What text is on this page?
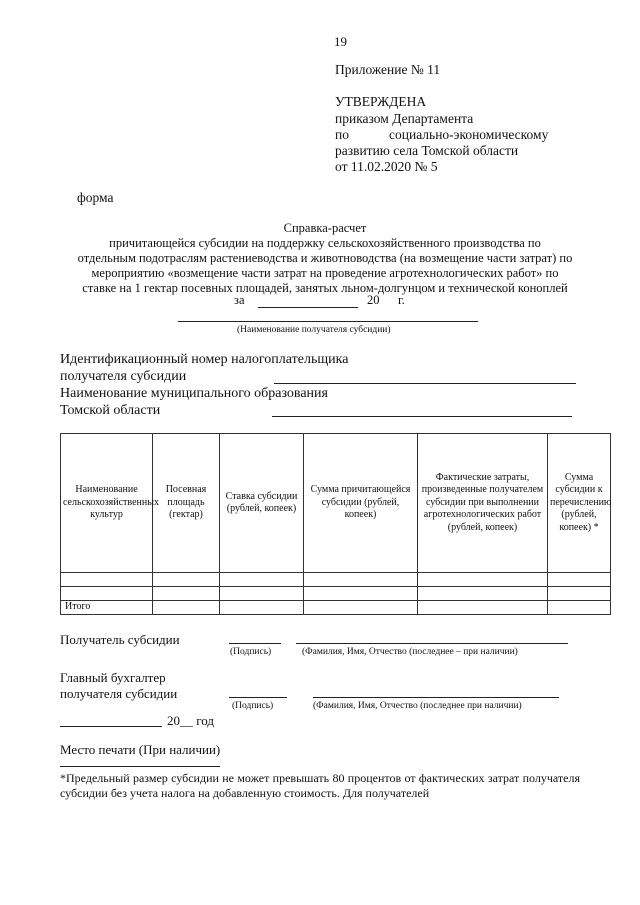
19
Приложение № 11
УТВЕРЖДЕНА
приказом Департамента
по	социально-экономическому
развитию села Томской области
от 11.02.2020 № 5
форма
Справка-расчет
причитающейся субсидии на поддержку сельскохозяйственного производства по
отдельным подотраслям растениеводства и животноводства (на возмещение части затрат) по
мероприятию «возмещение части затрат на проведение агротехнологических работ» по
ставке на 1 гектар посевных площадей, занятых льном-долгунцом и технической коноплей
за	20 г.
(Наименование получателя субсидии)
Идентификационный номер налогоплательщика
получателя субсидии
Наименование муниципального образования
Томской области
Наименование сельскохозяйственных культур	Посевная площадь (гектар)	Ставка субсидии (рублей, копеек)	Сумма причитающейся субсидии (рублей, копеек)	Фактические затраты, произведенные получателем субсидии при выполнении агротехнологических работ (рублей, копеек)	Сумма субсидии к перечислению (рублей, копеек) *

Итого					
Получатель субсидии
(Подпись)	(Фамилия, Имя, Отчество (последнее – при наличии)
Главный бухгалтер
получателя субсидии
(Подпись)	(Фамилия, Имя, Отчество (последнее при наличии)
20__ год
Место печати (При наличии)
*Предельный размер субсидии не может превышать 80 процентов от фактических затрат получателя субсидии без учета налога на добавленную стоимость. Для получателей
